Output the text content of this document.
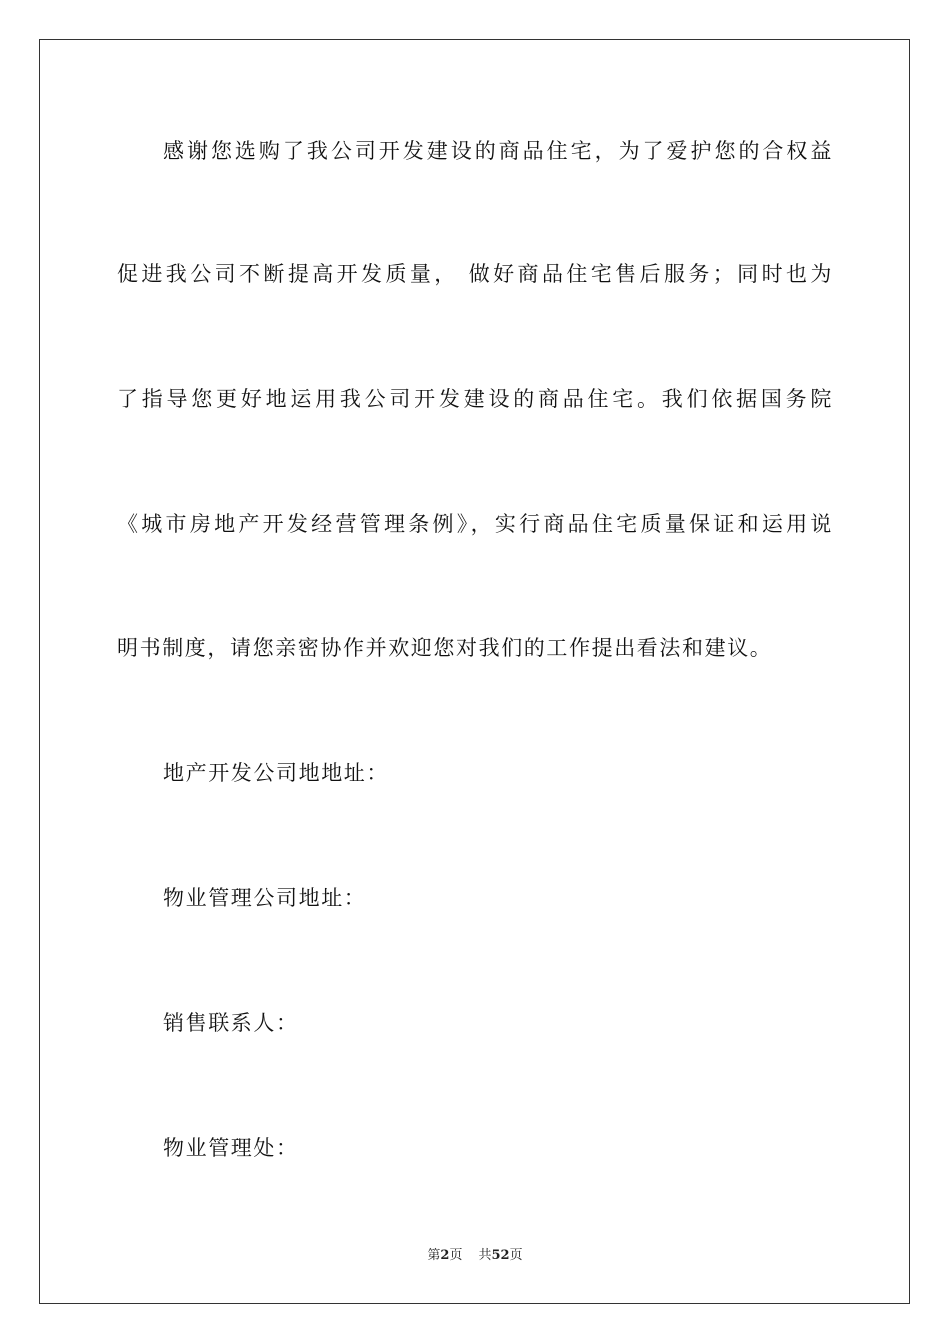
感谢您选购了我公司开发建设的商品住宅，为了爱护您的合权益
促进我公司不断提高开发质量， 做好商品住宅售后服务；同时也为
了指导您更好地运用我公司开发建设的商品住宅。我们依据国务院
《城市房地产开发经营管理条例》，实行商品住宅质量保证和运用说
明书制度，请您亲密协作并欢迎您对我们的工作提出看法和建议。
地产开发公司地地址：
物业管理公司地址：
销售联系人：
物业管理处：
第2页 共52页
